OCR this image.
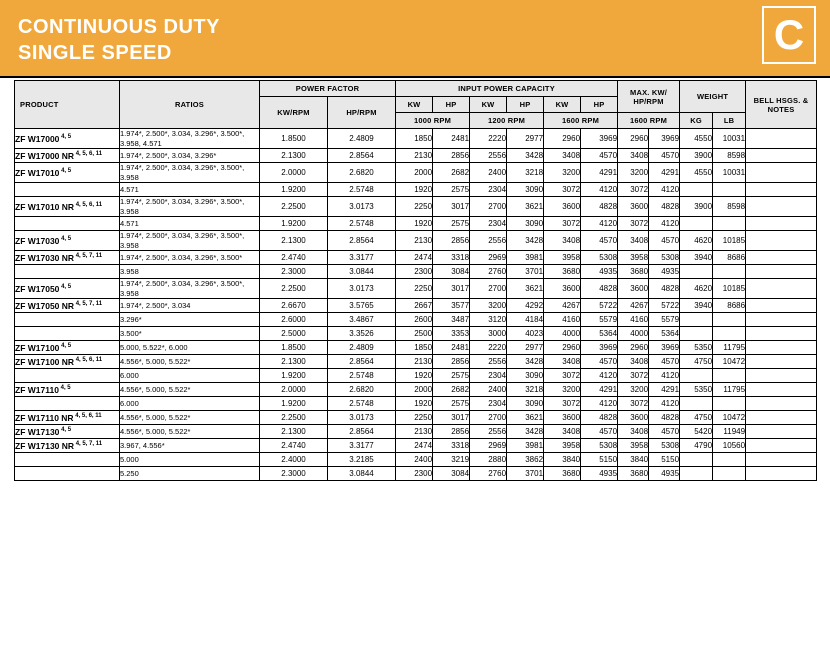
CONTINUOUS DUTY
SINGLE SPEED	C
PRODUCT	RATIOS	POWER FACTOR		INPUT POWER CAPACITY						MAX. KW/ HP/RPM		WEIGHT		BELL HSGS. & NOTES
		KW/RPM	HP/RPM	KW	HP	KW	HP	KW	HP					
				1000 RPM		1200 RPM		1600 RPM		1600 RPM		KG	LB	
ZF W17000 $^{4, 5}$	1.974*, 2.500*, 3.034, 3.296*, 3.500*, 3.958, 4.571	1.8500	2.4809	1850	2481	2220	2977	2960	3969	2960	3969	4550	10031	
ZF W17000 NR $^{4, 5, 6, 11}$	1.974*, 2.500*, 3.034, 3.296*	2.1300	2.8564	2130	2856	2556	3428	3408	4570	3408	4570	3900	8598	
ZF W17010 $^{4, 5}$	1.974*, 2.500*, 3.034, 3.296*, 3.500*, 3.958	2.0000	2.6820	2000	2682	2400	3218	3200	4291	3200	4291	4550	10031	
	4.571	1.9200	2.5748	1920	2575	2304	3090	3072	4120	3072	4120			
ZF W17010 NR $^{4, 5, 6, 11}$	1.974*, 2.500*, 3.034, 3.296*, 3.500*, 3.958	2.2500	3.0173	2250	3017	2700	3621	3600	4828	3600	4828	3900	8598	
	4.571	1.9200	2.5748	1920	2575	2304	3090	3072	4120	3072	4120			
ZF W17030 $^{4, 5}$	1.974*, 2.500*, 3.034, 3.296*, 3.500*, 3.958	2.1300	2.8564	2130	2856	2556	3428	3408	4570	3408	4570	4620	10185	
ZF W17030 NR $^{4, 5, 7, 11}$	1.974*, 2.500*, 3.034, 3.296*, 3.500*	2.4740	3.3177	2474	3318	2969	3981	3958	5308	3958	5308	3940	8686	
	3.958	2.3000	3.0844	2300	3084	2760	3701	3680	4935	3680	4935			
ZF W17050 $^{4, 5}$	1.974*, 2.500*, 3.034, 3.296*, 3.500*, 3.958	2.2500	3.0173	2250	3017	2700	3621	3600	4828	3600	4828	4620	10185	
ZF W17050 NR $^{4, 5, 7, 11}$	1.974*, 2.500*, 3.034	2.6670	3.5765	2667	3577	3200	4292	4267	5722	4267	5722	3940	8686	
	3.296*	2.6000	3.4867	2600	3487	3120	4184	4160	5579	4160	5579			
	3.500*	2.5000	3.3526	2500	3353	3000	4023	4000	5364	4000	5364			
ZF W17100 $^{4, 5}$	5.000, 5.522*, 6.000	1.8500	2.4809	1850	2481	2220	2977	2960	3969	2960	3969	5350	11795	
ZF W17100 NR $^{4, 5, 6, 11}$	4.556*, 5.000, 5.522*	2.1300	2.8564	2130	2856	2556	3428	3408	4570	3408	4570	4750	10472	
	6.000	1.9200	2.5748	1920	2575	2304	3090	3072	4120	3072	4120			
ZF W17110 $^{4, 5}$	4.556*, 5.000, 5.522*	2.0000	2.6820	2000	2682	2400	3218	3200	4291	3200	4291	5350	11795	
	6.000	1.9200	2.5748	1920	2575	2304	3090	3072	4120	3072	4120			
ZF W17110 NR $^{4, 5, 6, 11}$	4.556*, 5.000, 5.522*	2.2500	3.0173	2250	3017	2700	3621	3600	4828	3600	4828	4750	10472	
ZF W17130 $^{4, 5}$	4.556*, 5.000, 5.522*	2.1300	2.8564	2130	2856	2556	3428	3408	4570	3408	4570	5420	11949	
ZF W17130 NR $^{4, 5, 7, 11}$	3.967, 4.556*	2.4740	3.3177	2474	3318	2969	3981	3958	5308	3958	5308	4790	10560	
	5.000	2.4000	3.2185	2400	3219	2880	3862	3840	5150	3840	5150			
	5.250	2.3000	3.0844	2300	3084	2760	3701	3680	4935	3680	4935			
